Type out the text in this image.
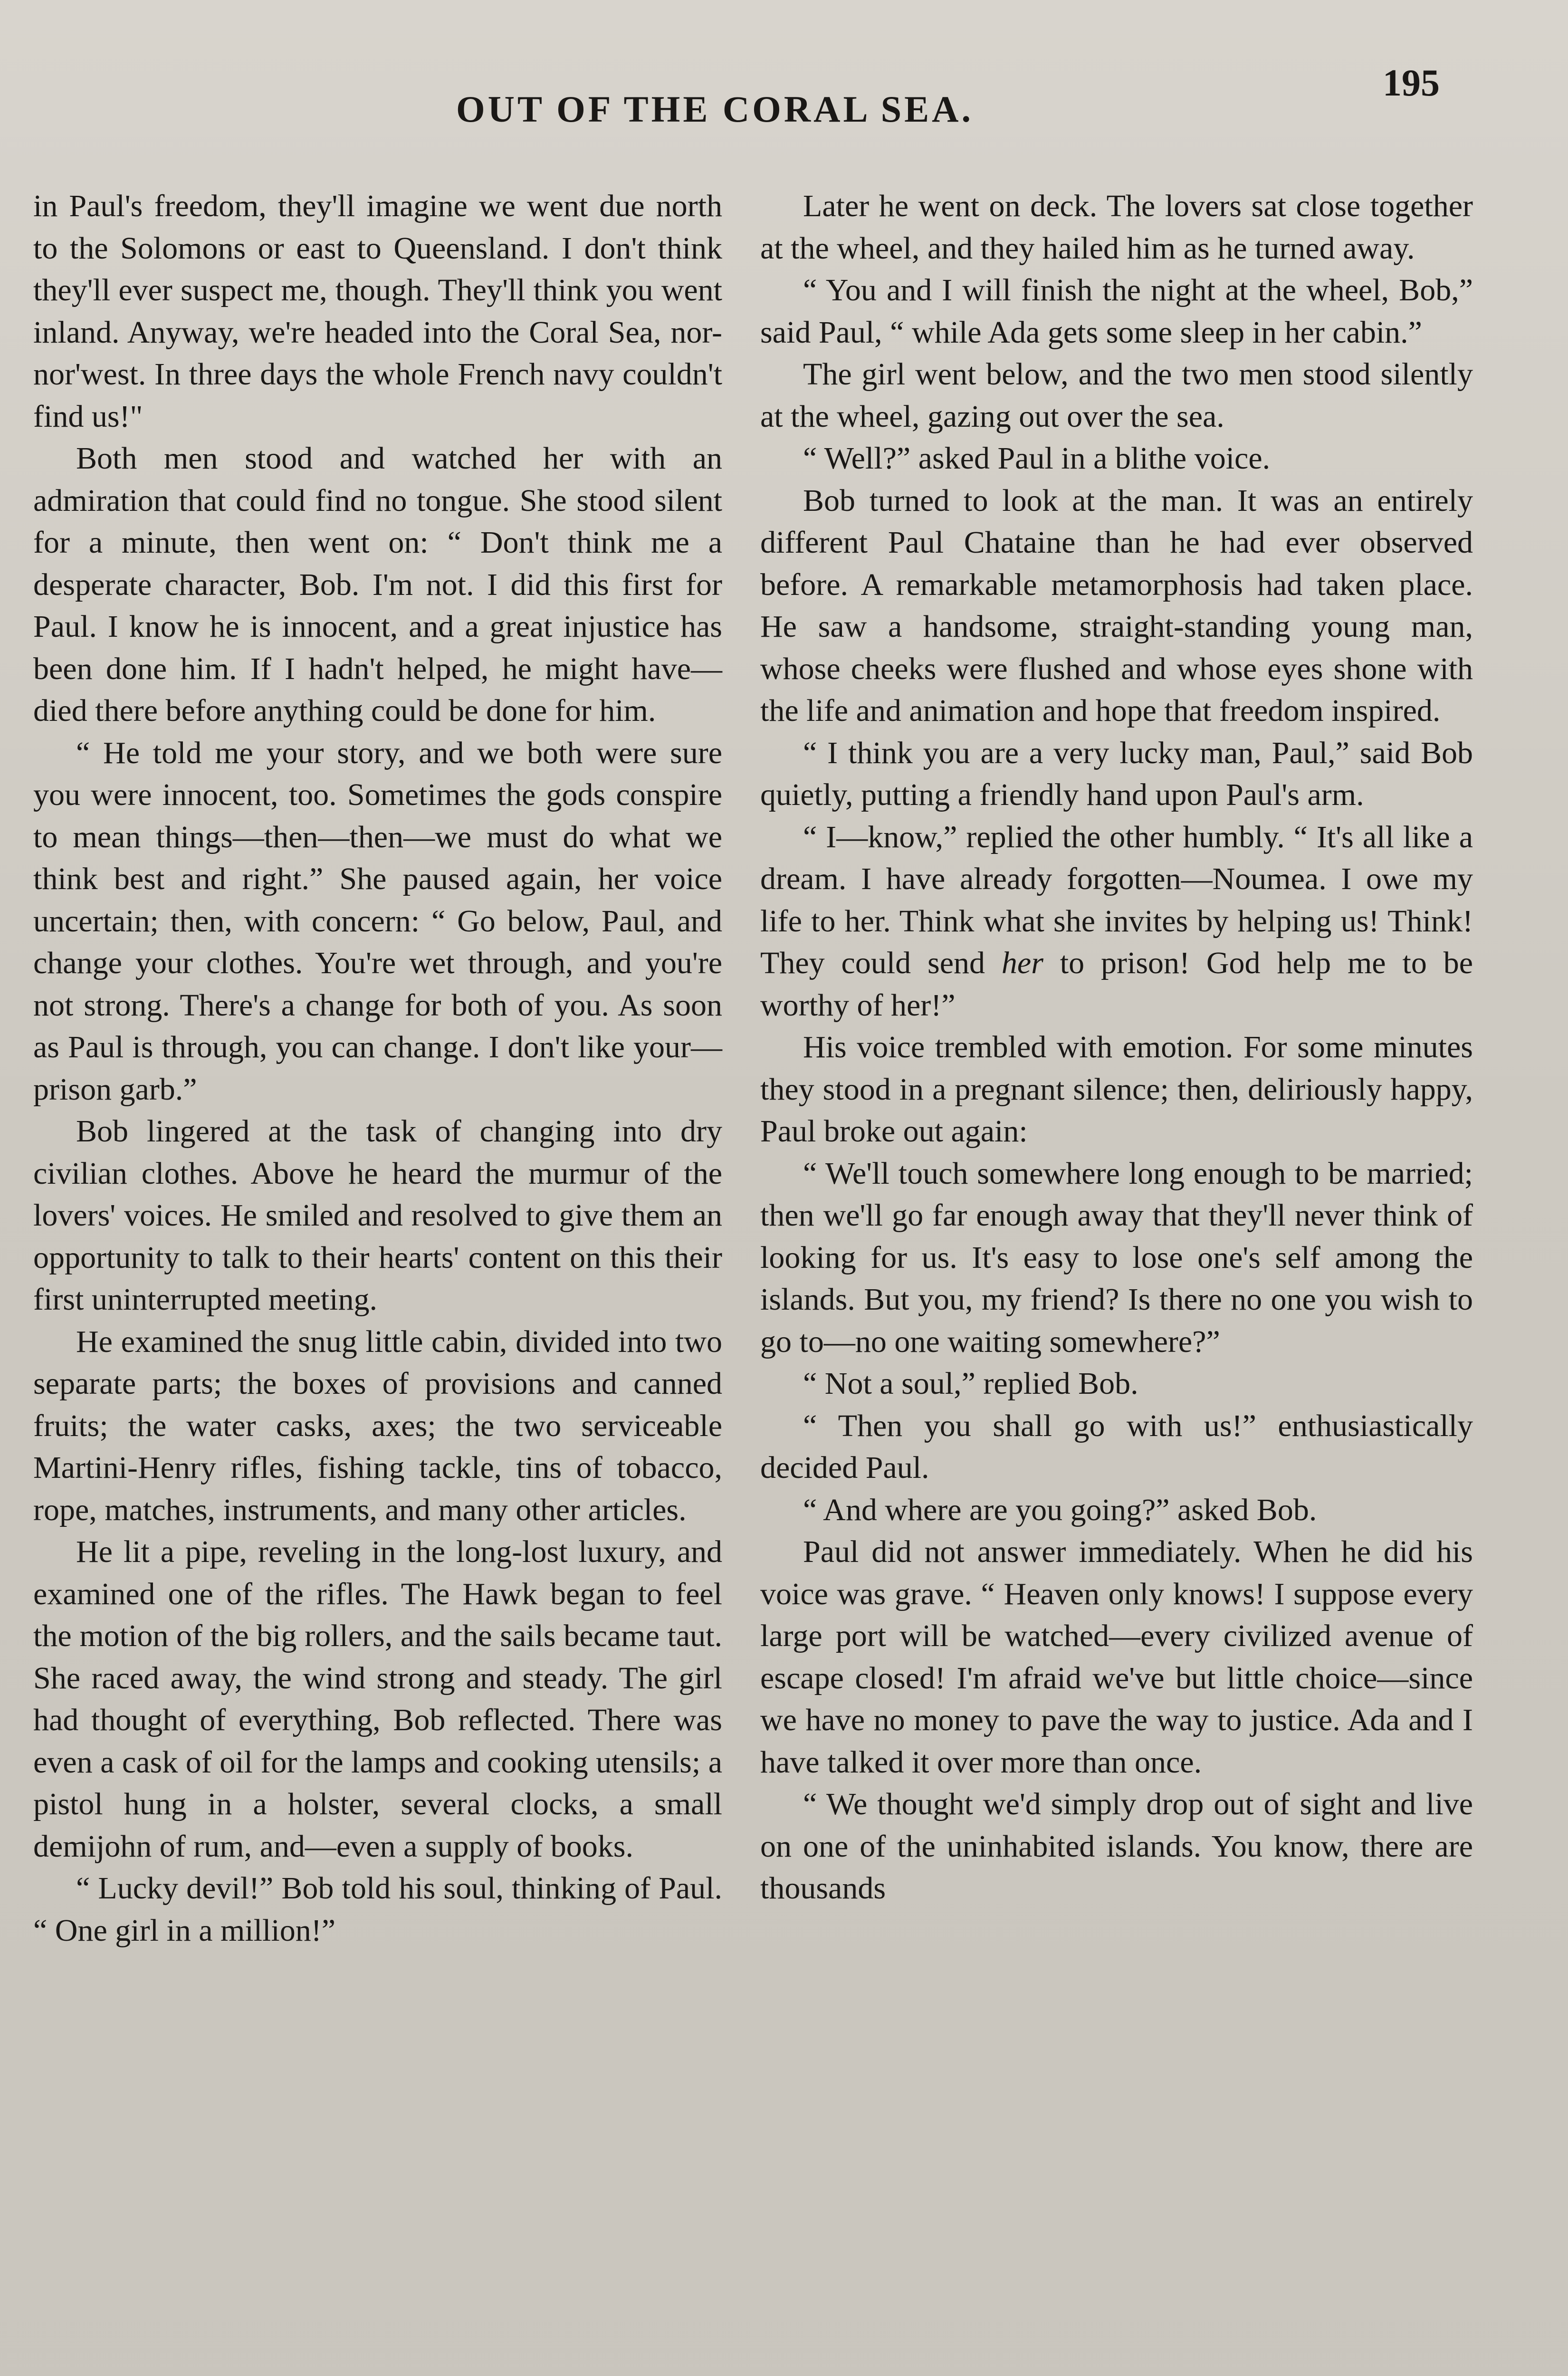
195
OUT OF THE CORAL SEA.

in Paul's freedom, they'll imagine we went due north to the Solomons or east to Queensland. I don't think they'll ever suspect me, though. They'll think you went inland. Anyway, we're headed into the Coral Sea, nor-nor'west. In three days the whole French navy couldn't find us!"

Both men stood and watched her with an admiration that could find no tongue. She stood silent for a minute, then went on: “ Don't think me a desperate character, Bob. I'm not. I did this first for Paul. I know he is innocent, and a great injustice has been done him. If I hadn't helped, he might have—died there before anything could be done for him.

“ He told me your story, and we both were sure you were innocent, too. Sometimes the gods conspire to mean things—then—then—we must do what we think best and right.” She paused again, her voice uncertain; then, with concern: “ Go below, Paul, and change your clothes. You're wet through, and you're not strong. There's a change for both of you. As soon as Paul is through, you can change. I don't like your—prison garb.”

Bob lingered at the task of changing into dry civilian clothes. Above he heard the murmur of the lovers' voices. He smiled and resolved to give them an opportunity to talk to their hearts' content on this their first uninterrupted meeting.

He examined the snug little cabin, divided into two separate parts; the boxes of provisions and canned fruits; the water casks, axes; the two serviceable Martini-Henry rifles, fishing tackle, tins of tobacco, rope, matches, instruments, and many other articles.

He lit a pipe, reveling in the long-lost luxury, and examined one of the rifles. The Hawk began to feel the motion of the big rollers, and the sails became taut. She raced away, the wind strong and steady. The girl had thought of everything, Bob reflected. There was even a cask of oil for the lamps and cooking utensils; a pistol hung in a holster, several clocks, a small demijohn of rum, and—even a supply of books.

“ Lucky devil!” Bob told his soul, thinking of Paul. “ One girl in a million!”

Later he went on deck. The lovers sat close together at the wheel, and they hailed him as he turned away.

“ You and I will finish the night at the wheel, Bob,” said Paul, “ while Ada gets some sleep in her cabin.”

The girl went below, and the two men stood silently at the wheel, gazing out over the sea.

“ Well?” asked Paul in a blithe voice.

Bob turned to look at the man. It was an entirely different Paul Chataine than he had ever observed before. A remarkable metamorphosis had taken place. He saw a handsome, straight-standing young man, whose cheeks were flushed and whose eyes shone with the life and animation and hope that freedom inspired.

“ I think you are a very lucky man, Paul,” said Bob quietly, putting a friendly hand upon Paul's arm.

“ I—know,” replied the other humbly. “ It's all like a dream. I have already forgotten—Noumea. I owe my life to her. Think what she invites by helping us! Think! They could send her to prison! God help me to be worthy of her!”

His voice trembled with emotion. For some minutes they stood in a pregnant silence; then, deliriously happy, Paul broke out again:

“ We'll touch somewhere long enough to be married; then we'll go far enough away that they'll never think of looking for us. It's easy to lose one's self among the islands. But you, my friend? Is there no one you wish to go to—no one waiting somewhere?”

“ Not a soul,” replied Bob.

“ Then you shall go with us!” enthusiastically decided Paul.

“ And where are you going?” asked Bob.

Paul did not answer immediately. When he did his voice was grave. “ Heaven only knows! I suppose every large port will be watched—every civilized avenue of escape closed! I'm afraid we've but little choice—since we have no money to pave the way to justice. Ada and I have talked it over more than once.

“ We thought we'd simply drop out of sight and live on one of the uninhabited islands. You know, there are thousands
